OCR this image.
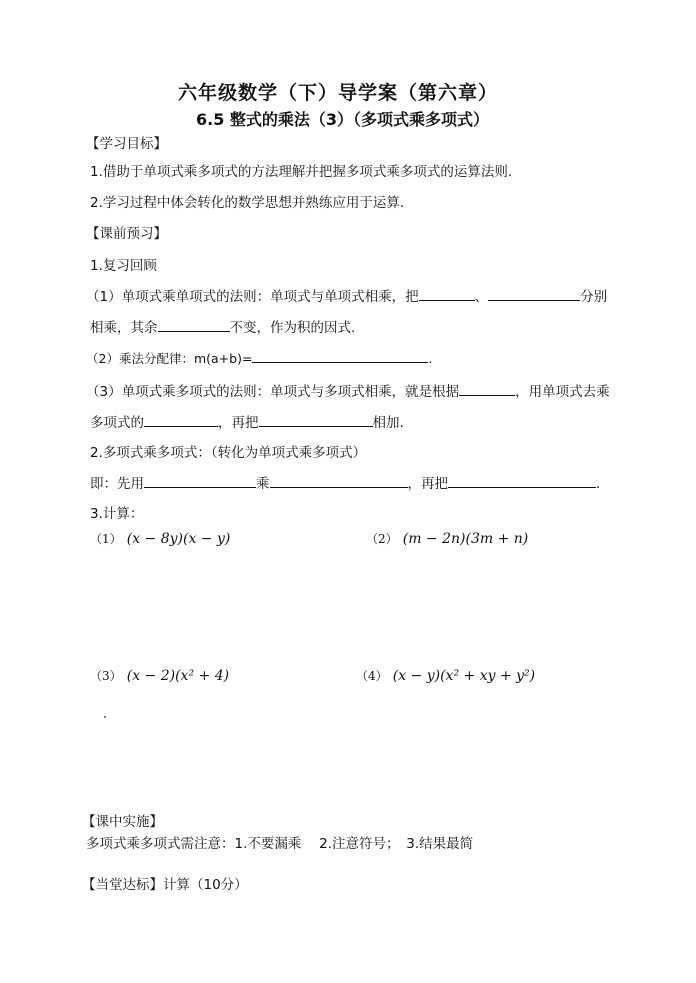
六年级数学（下）导学案（第六章）
6.5 整式的乘法（3）（多项式乘多项式）
【学习目标】
1.借助于单项式乘多项式的方法理解并把握多项式乘多项式的运算法则.
2.学习过程中体会转化的数学思想并熟练应用于运算.
【课前预习】
1.复习回顾
（1）单项式乘单项式的法则：单项式与单项式相乘，把	、	分别
相乘，其余	不变，作为积的因式.
（2）乘法分配律：m(a+b)=	.
（3）单项式乘多项式的法则：单项式与多项式相乘，就是根据	，用单项式去乘
多项式的	，再把	相加.
2.多项式乘多项式：（转化为单项式乘多项式）
即：先用	乘	，再把	.
3.计算：
（1） (x − 8y)(x − y)	（2） (m − 2n)(3m + n)
（3） (x − 2)(x² + 4)	（4） (x − y)(x² + xy + y²)
【课中实施】
多项式乘多项式需注意：1.不要漏乘　 2.注意符号；　3.结果最简
【当堂达标】计算（10分）
